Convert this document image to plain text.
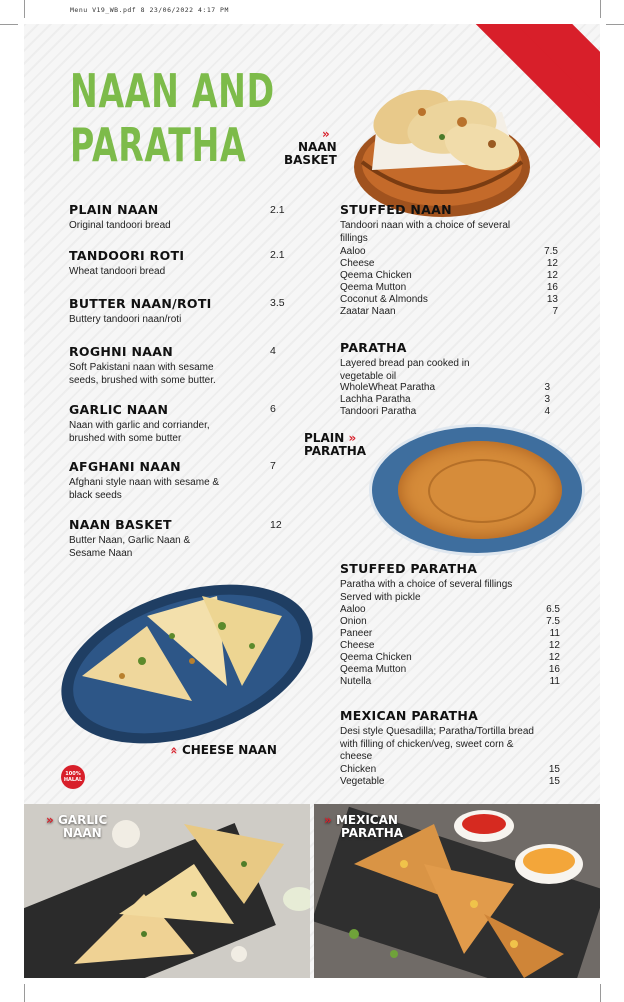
Menu V19_WB.pdf 8 23/06/2022 4:17 PM
NAAN AND
PARATHA	»
NAAN
BASKET
PLAIN NAAN
Original tandoori bread
2.1
TANDOORI ROTI
Wheat tandoori bread
2.1
BUTTER NAAN/ROTI
Buttery tandoori naan/roti
3.5
ROGHNI NAAN
Soft Pakistani naan with sesame seeds, brushed with some butter.
4
GARLIC NAAN
Naan with garlic and corriander, brushed with some butter
6
AFGHANI NAAN
Afghani style naan with sesame & black seeds
7
NAAN BASKET
Butter Naan, Garlic Naan & Sesame Naan
12
STUFFED NAAN
Tandoori naan with a choice of several fillings
Aaloo	7.5
Cheese	12
Qeema Chicken	12
Qeema Mutton	16
Coconut & Almonds	13
Zaatar Naan	7
PARATHA
Layered bread pan cooked in vegetable oil
WholeWheat Paratha	3
Lachha Paratha	3
Tandoori Paratha	4
PLAIN »
PARATHA
STUFFED PARATHA
Paratha with a choice of several fillings
Served with pickle
Aaloo	6.5
Onion	7.5
Paneer	11
Cheese	12
Qeema Chicken	12
Qeema Mutton	16
Nutella	11
MEXICAN PARATHA
Desi style Quesadilla; Paratha/Tortilla bread with filling of chicken/veg, sweet corn & cheese
Chicken	15
Vegetable	15
» CHEESE NAAN
100% HALAL
» GARLIC
NAAN
» MEXICAN
PARATHA
